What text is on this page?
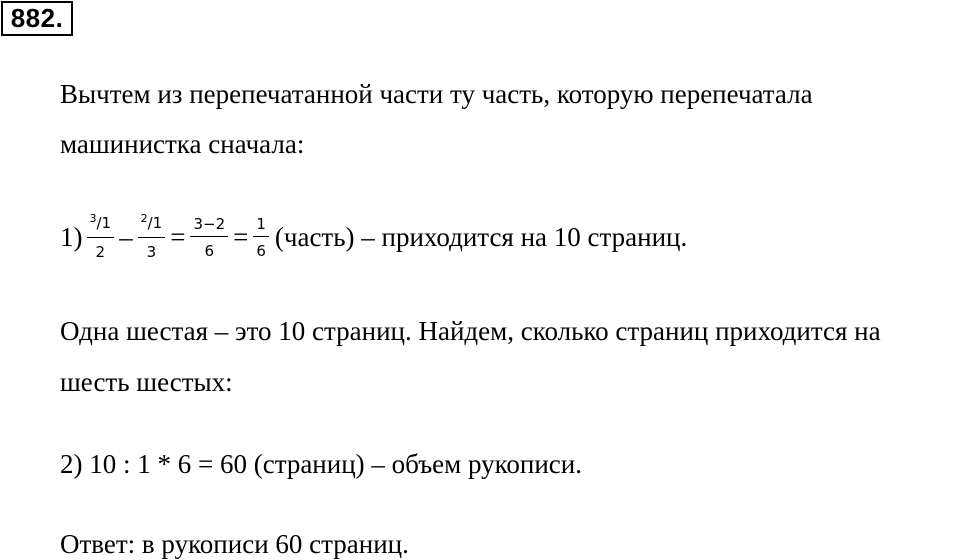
882.
Вычтем из перепечатанной части ту часть, которую перепечатала
машинистка сначала:
$1) \frac{^3/1}{2} - \frac{^2/1}{3} = \frac{3-2}{6} = \frac{1}{6}$ (часть) – приходится на 10 страниц.
Одна шестая – это 10 страниц. Найдем, сколько страниц приходится на
шесть шестых:
2) 10 : 1 * 6 = 60 (страниц) – объем рукописи.
Ответ: в рукописи 60 страниц.
